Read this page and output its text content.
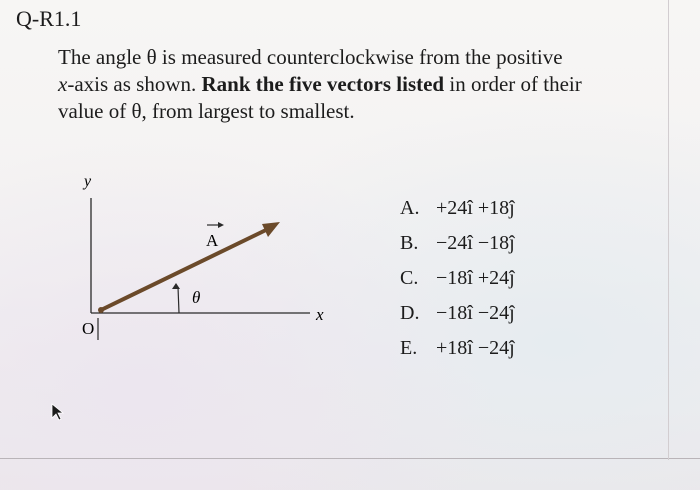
Q-R1.1
The angle θ is measured counterclockwise from the positive
x-axis as shown. Rank the five vectors listed in order of their
value of θ, from largest to smallest.
y
x
O
A
θ
A. +24î +18ĵ
B. −24î −18ĵ
C. −18î +24ĵ
D. −18î −24ĵ
E. +18î −24ĵ
